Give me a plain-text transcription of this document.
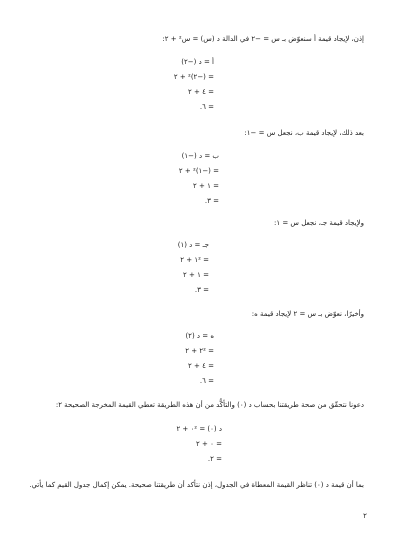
إذن، لإيجاد قيمة أ سنعوّض بـ س = −٢ في الدالة د (س) = س² + ٢:
أ = د (−٢)
= (−٢)² + ٢
= ٤ + ٢
= ٦.
بعد ذلك، لإيجاد قيمة ب، نجعل س = −١:
ب = د (−١)
= (−١)² + ٢
= ١ + ٢
= ٣.
ولإيجاد قيمة جـ، نجعل س = ١:
جـ = د (١)
= ١² + ٢
= ١ + ٢
= ٣.
وأخيرًا، نعوّض بـ س = ٢ لإيجاد قيمة ه:
ه = د (٢)
= ٢² + ٢
= ٤ + ٢
= ٦.
دعونا نتحقّق من صحة طريقتنا بحساب د (٠) والتأكُّد من أن هذه الطريقة تعطي القيمة المخرجة الصحيحة ٢:
د (٠) = ٠² + ٢
= ٠ + ٢
= ٢.
بما أن قيمة د (٠) تناظر القيمة المعطاة في الجدول، إذن نتأكد أن طريقتنا صحيحة. يمكن إكمال جدول القيم كما يأتي.
٢
